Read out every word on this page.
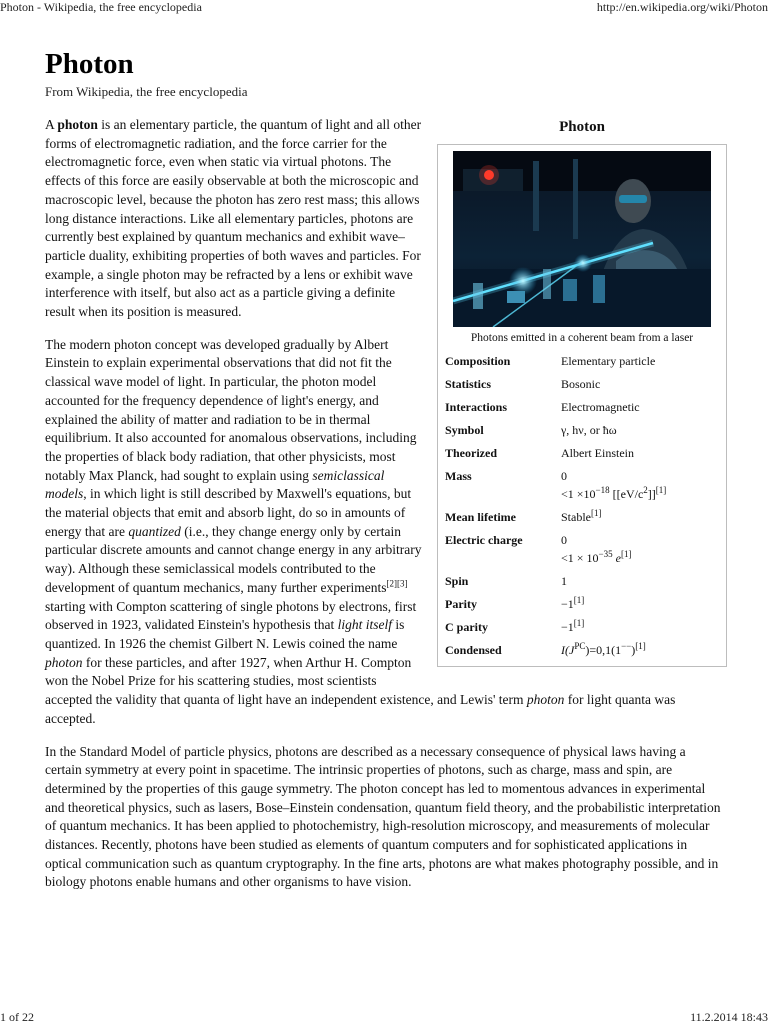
Photon - Wikipedia, the free encyclopedia	http://en.wikipedia.org/wiki/Photon
Photon
From Wikipedia, the free encyclopedia
Photon
Photons emitted in a coherent beam from a laser
Composition	Elementary particle
Statistics	Bosonic
Interactions	Electromagnetic
Symbol	γ, hν, or ħω
Theorized	Albert Einstein
Mass	0
$<1 \times 10^{-18}$ $[[eV/c^2]][1]$

Mean lifetime	Stable[1]
Electric charge	0
$<1 \times 10^{-35}$ e[1]

Spin	1
Parity	−1[1]
C parity	−1[1]
Condensed	$I(J^{PC})=0,1(1^{--})[1]$

A photon is an elementary particle, the quantum of light and all other forms of electromagnetic radiation, and the force carrier for the electromagnetic force, even when static via virtual photons. The effects of this force are easily observable at both the microscopic and macroscopic level, because the photon has zero rest mass; this allows long distance interactions. Like all elementary particles, photons are currently best explained by quantum mechanics and exhibit wave–particle duality, exhibiting properties of both waves and particles. For example, a single photon may be refracted by a lens or exhibit wave interference with itself, but also act as a particle giving a definite result when its position is measured.

The modern photon concept was developed gradually by Albert Einstein to explain experimental observations that did not fit the classical wave model of light. In particular, the photon model accounted for the frequency dependence of light's energy, and explained the ability of matter and radiation to be in thermal equilibrium. It also accounted for anomalous observations, including the properties of black body radiation, that other physicists, most notably Max Planck, had sought to explain using semiclassical models, in which light is still described by Maxwell's equations, but the material objects that emit and absorb light, do so in amounts of energy that are quantized (i.e., they change energy only by certain particular discrete amounts and cannot change energy in any arbitrary way). Although these semiclassical models contributed to the development of quantum mechanics, many further experiments[2][3] starting with Compton scattering of single photons by electrons, first observed in 1923, validated Einstein's hypothesis that light itself is quantized. In 1926 the chemist Gilbert N. Lewis coined the name photon for these particles, and after 1927, when Arthur H. Compton won the Nobel Prize for his scattering studies, most scientists accepted the validity that quanta of light have an independent existence, and Lewis' term photon for light quanta was accepted.

In the Standard Model of particle physics, photons are described as a necessary consequence of physical laws having a certain symmetry at every point in spacetime. The intrinsic properties of photons, such as charge, mass and spin, are determined by the properties of this gauge symmetry. The photon concept has led to momentous advances in experimental and theoretical physics, such as lasers, Bose–Einstein condensation, quantum field theory, and the probabilistic interpretation of quantum mechanics. It has been applied to photochemistry, high-resolution microscopy, and measurements of molecular distances. Recently, photons have been studied as elements of quantum computers and for sophisticated applications in optical communication such as quantum cryptography. In the fine arts, photons are what makes photography possible, and in biology photons enable humans and other organisms to have vision.

1 of 22	11.2.2014 18:43
